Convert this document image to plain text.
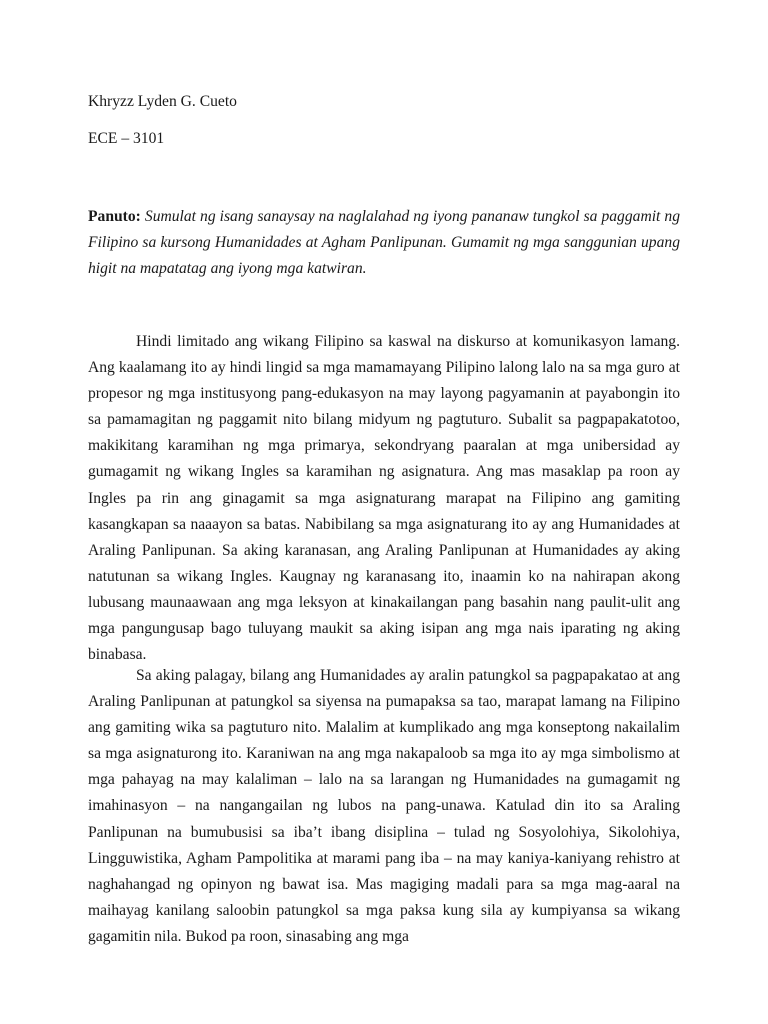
Khryzz Lyden G. Cueto
ECE – 3101
Panuto: Sumulat ng isang sanaysay na naglalahad ng iyong pananaw tungkol sa paggamit ng Filipino sa kursong Humanidades at Agham Panlipunan. Gumamit ng mga sanggunian upang higit na mapatatag ang iyong mga katwiran.

Hindi limitado ang wikang Filipino sa kaswal na diskurso at komunikasyon lamang. Ang kaalamang ito ay hindi lingid sa mga mamamayang Pilipino lalong lalo na sa mga guro at propesor ng mga institusyong pang-edukasyon na may layong pagyamanin at payabongin ito sa pamamagitan ng paggamit nito bilang midyum ng pagtuturo. Subalit sa pagpapakatotoo, makikitang karamihan ng mga primarya, sekondryang paaralan at mga unibersidad ay gumagamit ng wikang Ingles sa karamihan ng asignatura. Ang mas masaklap pa roon ay Ingles pa rin ang ginagamit sa mga asignaturang marapat na Filipino ang gamiting kasangkapan sa naaayon sa batas. Nabibilang sa mga asignaturang ito ay ang Humanidades at Araling Panlipunan. Sa aking karanasan, ang Araling Panlipunan at Humanidades ay aking natutunan sa wikang Ingles. Kaugnay ng karanasang ito, inaamin ko na nahirapan akong lubusang maunaawaan ang mga leksyon at kinakailangan pang basahin nang paulit-ulit ang mga pangungusap bago tuluyang maukit sa aking isipan ang mga nais iparating ng aking binabasa.

Sa aking palagay, bilang ang Humanidades ay aralin patungkol sa pagpapakatao at ang Araling Panlipunan at patungkol sa siyensa na pumapaksa sa tao, marapat lamang na Filipino ang gamiting wika sa pagtuturo nito. Malalim at kumplikado ang mga konseptong nakailalim sa mga asignaturong ito. Karaniwan na ang mga nakapaloob sa mga ito ay mga simbolismo at mga pahayag na may kalaliman – lalo na sa larangan ng Humanidades na gumagamit ng imahinasyon – na nangangailan ng lubos na pang-unawa. Katulad din ito sa Araling Panlipunan na bumubusisi sa iba’t ibang disiplina – tulad ng Sosyolohiya, Sikolohiya, Lingguwistika, Agham Pampolitika at marami pang iba – na may kaniya-kaniyang rehistro at naghahangad ng opinyon ng bawat isa. Mas magiging madali para sa mga mag-aaral na maihayag kanilang saloobin patungkol sa mga paksa kung sila ay kumpiyansa sa wikang gagamitin nila. Bukod pa roon, sinasabing ang mga
